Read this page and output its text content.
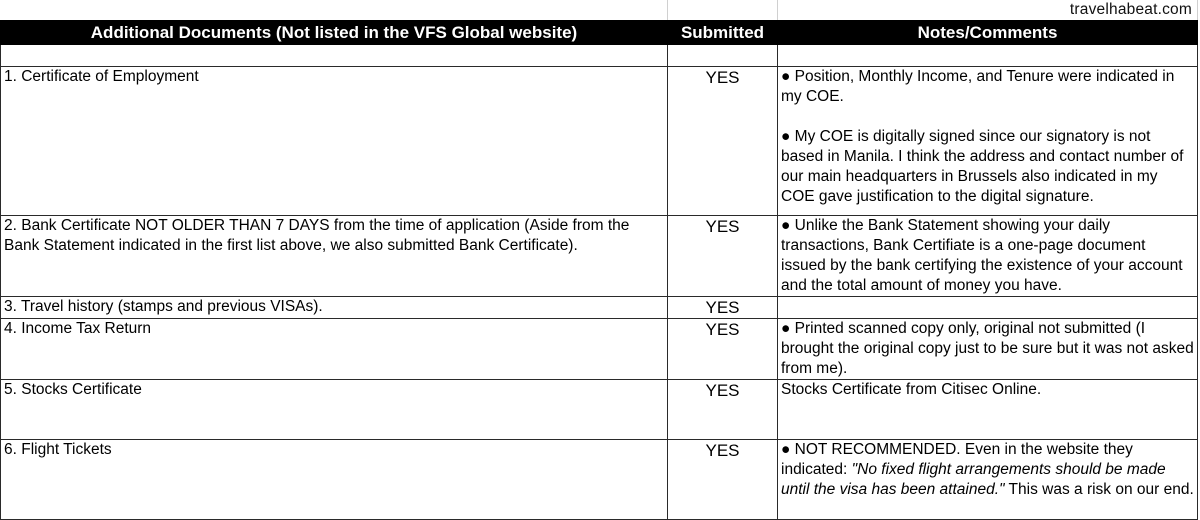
travelhabeat.com
Additional Documents (Not listed in the VFS Global website)	Submitted	Notes/Comments

1. Certificate of Employment	YES	● Position, Monthly Income, and Tenure were indicated in my COE.

● My COE is digitally signed since our signatory is not based in Manila. I think the address and contact number of our main headquarters in Brussels also indicated in my COE gave justification to the digital signature.

2. Bank Certificate NOT OLDER THAN 7 DAYS from the time of application (Aside from the Bank Statement indicated in the first list above, we also submitted Bank Certificate).	YES	● Unlike the Bank Statement showing your daily transactions, Bank Certifiate is a one-page document issued by the bank certifying the existence of your account and the total amount of money you have.

3. Travel history (stamps and previous VISAs).	YES	
4. Income Tax Return	YES	● Printed scanned copy only, original not submitted (I brought the original copy just to be sure but it was not asked from me).

5. Stocks Certificate	YES	Stocks Certificate from Citisec Online.
6. Flight Tickets	YES	● NOT RECOMMENDED. Even in the website they indicated: "No fixed flight arrangements should be made until the visa has been attained." This was a risk on our end.
